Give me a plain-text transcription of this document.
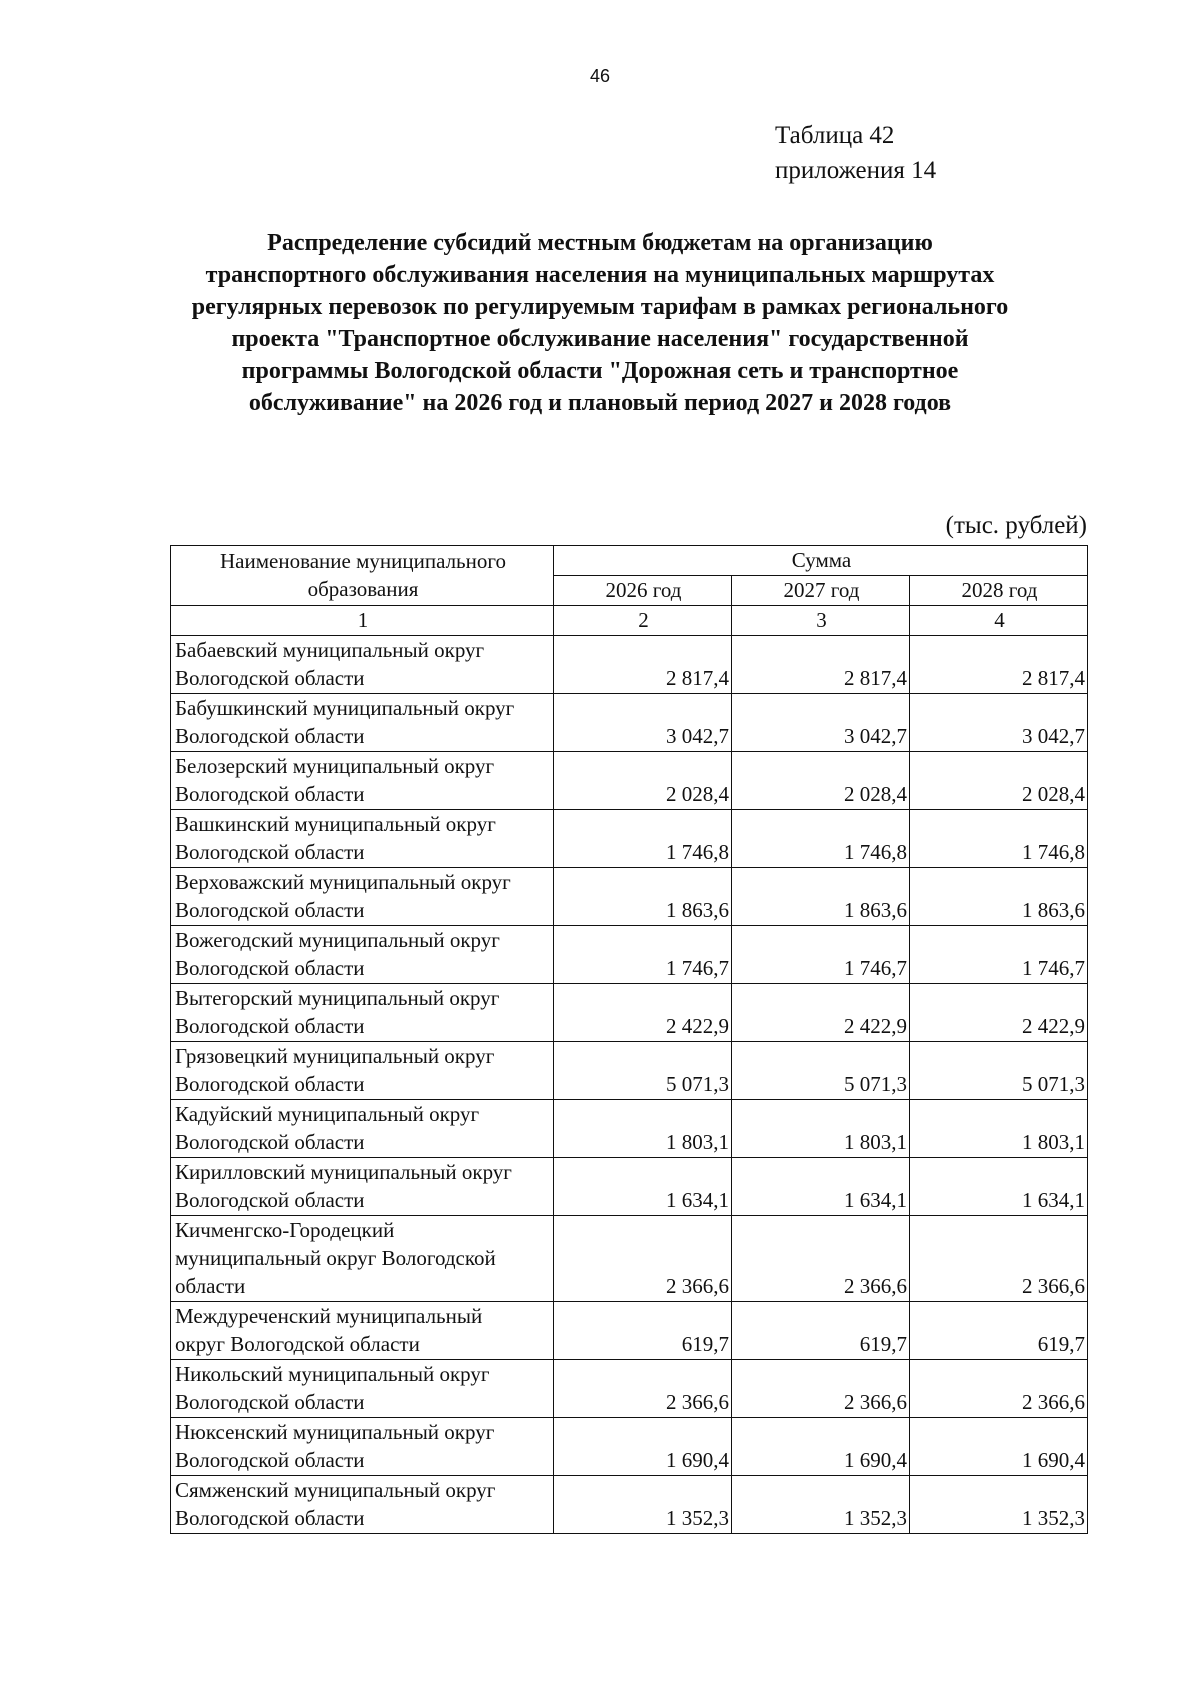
46
Таблица 42
приложения 14
Распределение субсидий местным бюджетам на организацию
транспортного обслуживания населения на муниципальных маршрутах
регулярных перевозок по регулируемым тарифам в рамках регионального
проекта "Транспортное обслуживание населения" государственной
программы Вологодской области "Дорожная сеть и транспортное
обслуживание" на 2026 год и плановый период 2027 и 2028 годов
(тыс. рублей)
Наименование муниципального образования	Сумма		
	2026 год	2027 год	2028 год
1	2	3	4

Бабаевский муниципальный округ
Вологодской области	2 817,4	2 817,4	2 817,4

Бабушкинский муниципальный округ
Вологодской области	3 042,7	3 042,7	3 042,7

Белозерский муниципальный округ
Вологодской области	2 028,4	2 028,4	2 028,4

Вашкинский муниципальный округ
Вологодской области	1 746,8	1 746,8	1 746,8

Верховажский муниципальный округ
Вологодской области	1 863,6	1 863,6	1 863,6

Вожегодский муниципальный округ
Вологодской области	1 746,7	1 746,7	1 746,7

Вытегорский муниципальный округ
Вологодской области	2 422,9	2 422,9	2 422,9

Грязовецкий муниципальный округ
Вологодской области	5 071,3	5 071,3	5 071,3

Кадуйский муниципальный округ
Вологодской области	1 803,1	1 803,1	1 803,1

Кирилловский муниципальный округ
Вологодской области	1 634,1	1 634,1	1 634,1

Кичменгско-Городецкий
муниципальный округ Вологодской
области	2 366,6	2 366,6	2 366,6

Междуреченский муниципальный
округ Вологодской области	619,7	619,7	619,7

Никольский муниципальный округ
Вологодской области	2 366,6	2 366,6	2 366,6

Нюксенский муниципальный округ
Вологодской области	1 690,4	1 690,4	1 690,4

Сямженский муниципальный округ
Вологодской области	1 352,3	1 352,3	1 352,3
